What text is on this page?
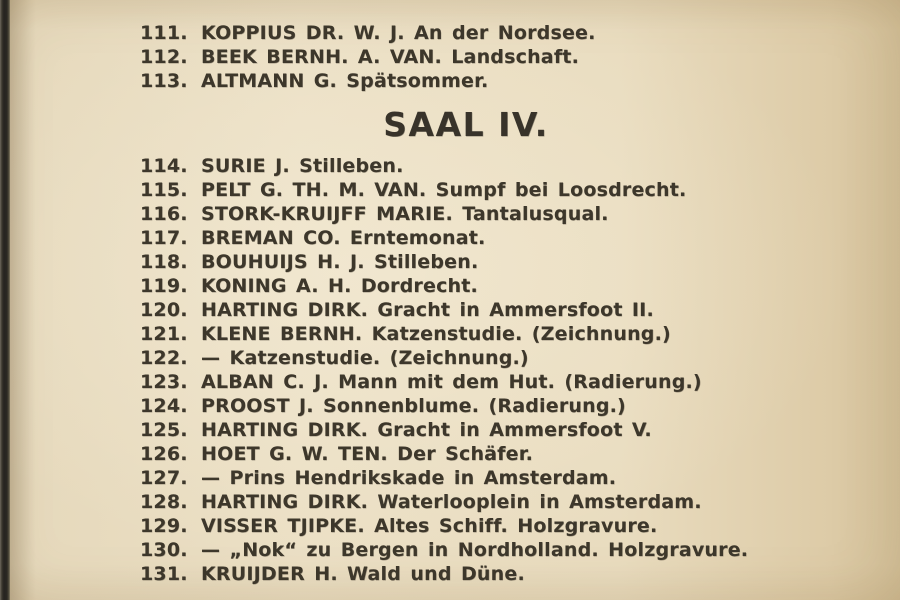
111. KOPPIUS DR. W. J. An der Nordsee.
112. BEEK BERNH. A. VAN. Landschaft.
113. ALTMANN G. Spätsommer.
SAAL IV.
114. SURIE J. Stilleben.
115. PELT G. TH. M. VAN. Sumpf bei Loosdrecht.
116. STORK-KRUIJFF MARIE. Tantalusqual.
117. BREMAN CO. Erntemonat.
118. BOUHUIJS H. J. Stilleben.
119. KONING A. H. Dordrecht.
120. HARTING DIRK. Gracht in Ammersfoot II.
121. KLENE BERNH. Katzenstudie. (Zeichnung.)
122. — Katzenstudie. (Zeichnung.)
123. ALBAN C. J. Mann mit dem Hut. (Radierung.)
124. PROOST J. Sonnenblume. (Radierung.)
125. HARTING DIRK. Gracht in Ammersfoot V.
126. HOET G. W. TEN. Der Schäfer.
127. — Prins Hendrikskade in Amsterdam.
128. HARTING DIRK. Waterlooplein in Amsterdam.
129. VISSER TJIPKE. Altes Schiff. Holzgravure.
130. — „Nok“ zu Bergen in Nordholland. Holzgravure.
131. KRUIJDER H. Wald und Düne.
